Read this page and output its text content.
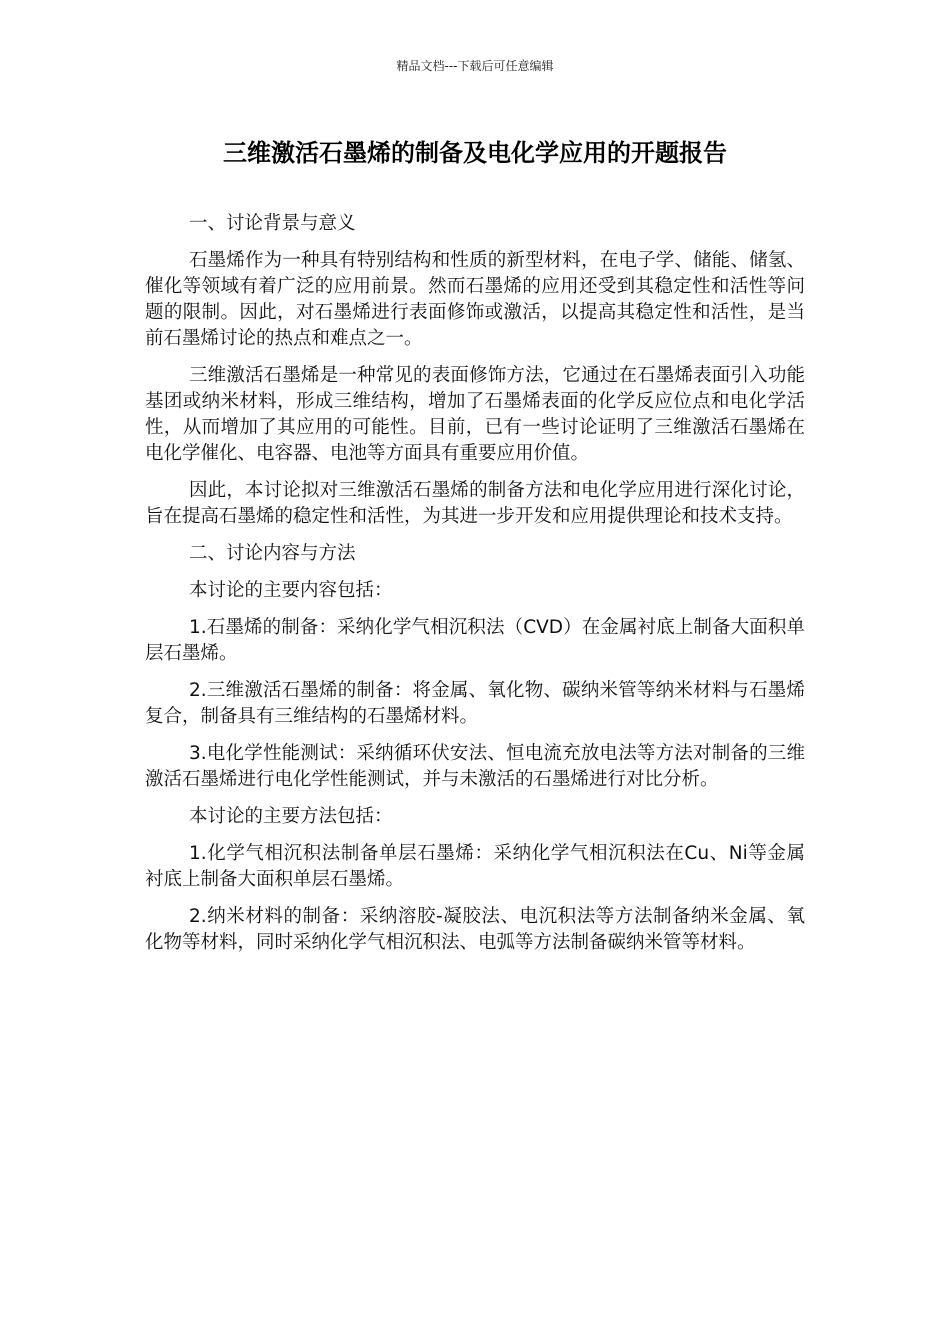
精品文档---下载后可任意编辑
三维激活石墨烯的制备及电化学应用的开题报告

一、讨论背景与意义

石墨烯作为一种具有特别结构和性质的新型材料，在电子学、储能、储氢、催化等领域有着广泛的应用前景。然而石墨烯的应用还受到其稳定性和活性等问题的限制。因此，对石墨烯进行表面修饰或激活，以提高其稳定性和活性，是当前石墨烯讨论的热点和难点之一。

三维激活石墨烯是一种常见的表面修饰方法，它通过在石墨烯表面引入功能基团或纳米材料，形成三维结构，增加了石墨烯表面的化学反应位点和电化学活性，从而增加了其应用的可能性。目前，已有一些讨论证明了三维激活石墨烯在电化学催化、电容器、电池等方面具有重要应用价值。

因此，本讨论拟对三维激活石墨烯的制备方法和电化学应用进行深化讨论，旨在提高石墨烯的稳定性和活性，为其进一步开发和应用提供理论和技术支持。

二、讨论内容与方法

本讨论的主要内容包括：

1.石墨烯的制备：采纳化学气相沉积法（CVD）在金属衬底上制备大面积单层石墨烯。

2.三维激活石墨烯的制备：将金属、氧化物、碳纳米管等纳米材料与石墨烯复合，制备具有三维结构的石墨烯材料。

3.电化学性能测试：采纳循环伏安法、恒电流充放电法等方法对制备的三维激活石墨烯进行电化学性能测试，并与未激活的石墨烯进行对比分析。

本讨论的主要方法包括：

1.化学气相沉积法制备单层石墨烯：采纳化学气相沉积法在Cu、Ni等金属衬底上制备大面积单层石墨烯。

2.纳米材料的制备：采纳溶胶-凝胶法、电沉积法等方法制备纳米金属、氧化物等材料，同时采纳化学气相沉积法、电弧等方法制备碳纳米管等材料。
